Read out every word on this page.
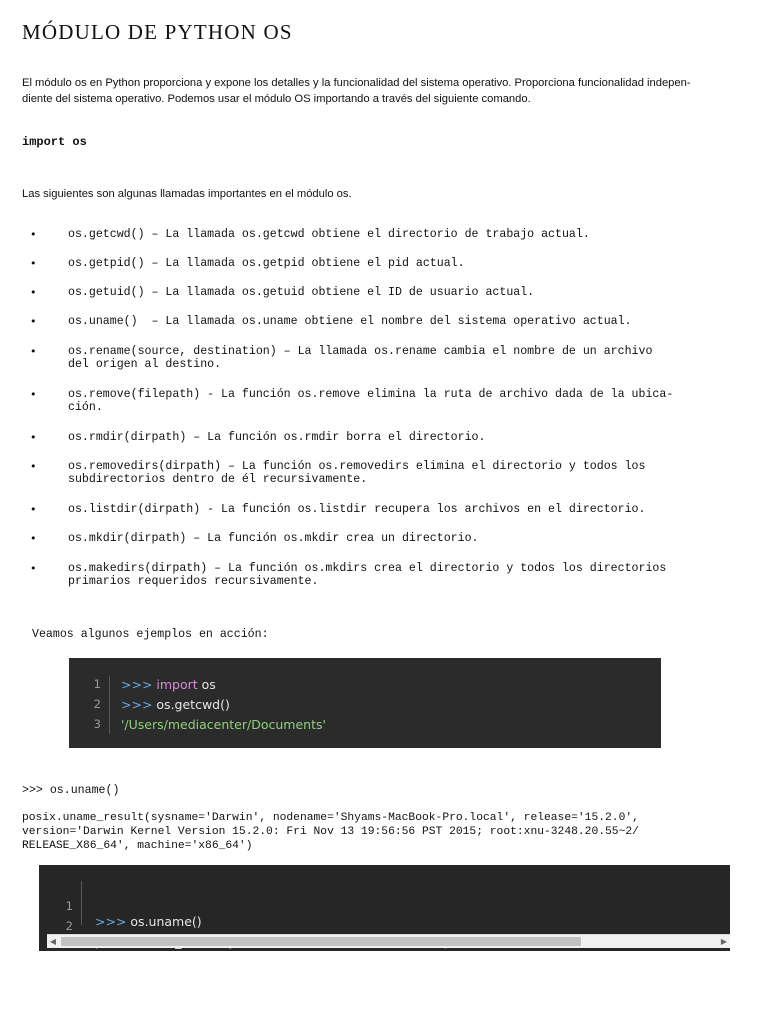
MÓDULO DE PYTHON OS

El módulo os en Python proporciona y expone los detalles y la funcionalidad del sistema operativo. Proporciona funcionalidad indepen-

diente del sistema operativo. Podemos usar el módulo OS importando a través del siguiente comando.

import os
Las siguientes son algunas llamadas importantes en el módulo os.
•	os.getcwd() – La llamada os.getcwd obtiene el directorio de trabajo actual.
•	os.getpid() – La llamada os.getpid obtiene el pid actual.
•	os.getuid() – La llamada os.getuid obtiene el ID de usuario actual.
•	os.uname()  – La llamada os.uname obtiene el nombre del sistema operativo actual.
•	os.rename(source, destination) – La llamada os.rename cambia el nombre de un archivo
del origen al destino.
•	os.remove(filepath) - La función os.remove elimina la ruta de archivo dada de la ubica-
ción.
•	os.rmdir(dirpath) – La función os.rmdir borra el directorio.
•	os.removedirs(dirpath) – La función os.removedirs elimina el directorio y todos los
subdirectorios dentro de él recursivamente.
•	os.listdir(dirpath) - La función os.listdir recupera los archivos en el directorio.
•	os.mkdir(dirpath) – La función os.mkdir crea un directorio.
•	os.makedirs(dirpath) – La función os.mkdirs crea el directorio y todos los directorios
primarios requeridos recursivamente.
Veamos algunos ejemplos en acción:
1 >>> import os
2 >>> os.getcwd()
3 '/Users/mediacenter/Documents'
>>> os.uname()
posix.uname_result(sysname='Darwin', nodename='Shyams-MacBook-Pro.local', release='15.2.0',
version='Darwin Kernel Version 15.2.0: Fri Nov 13 19:56:56 PST 2015; root:xnu-3248.20.55~2/
RELEASE_X86_64', machine='x86_64')

1

>>> os.uname()

2

◀	▶
